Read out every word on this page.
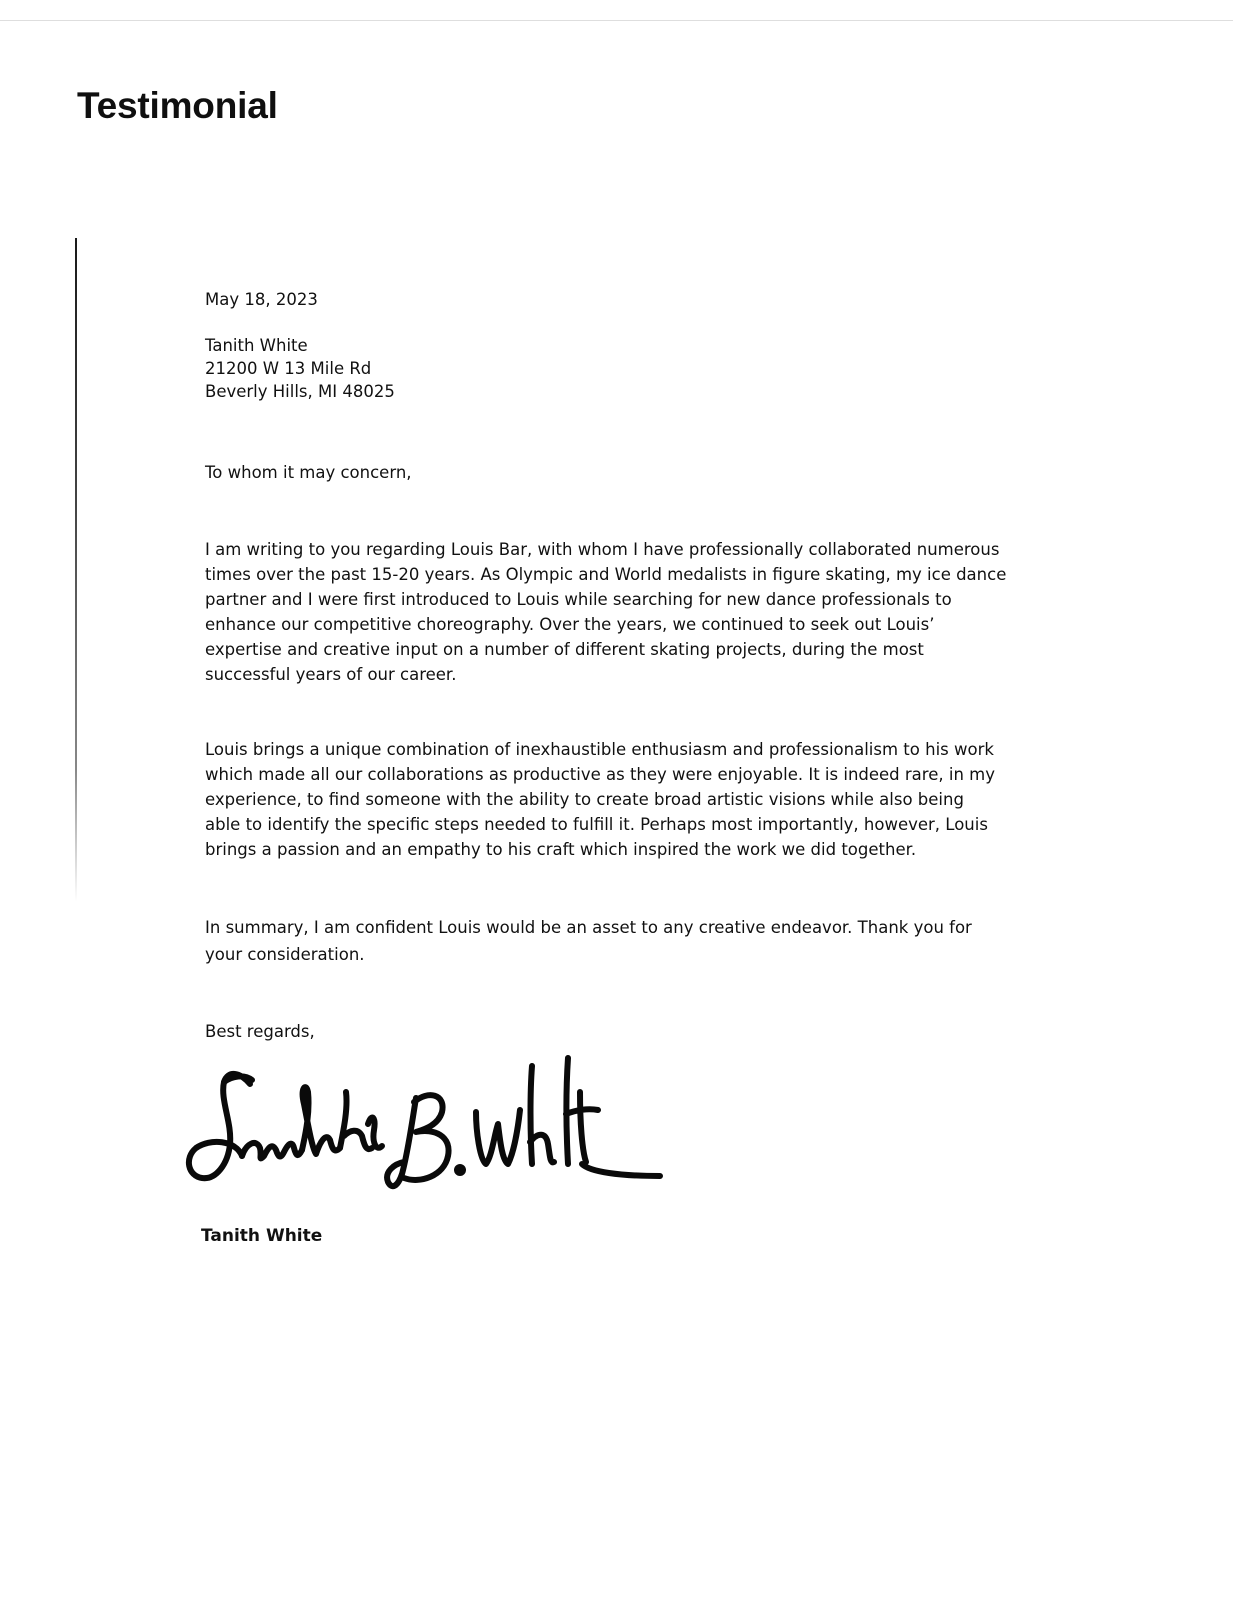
Testimonial
May 18, 2023
Tanith White
21200 W 13 Mile Rd
Beverly Hills, MI 48025
To whom it may concern,
I am writing to you regarding Louis Bar, with whom I have professionally collaborated numerous
times over the past 15-20 years. As Olympic and World medalists in figure skating, my ice dance
partner and I were first introduced to Louis while searching for new dance professionals to
enhance our competitive choreography. Over the years, we continued to seek out Louis’
expertise and creative input on a number of different skating projects, during the most
successful years of our career.
Louis brings a unique combination of inexhaustible enthusiasm and professionalism to his work
which made all our collaborations as productive as they were enjoyable. It is indeed rare, in my
experience, to find someone with the ability to create broad artistic visions while also being
able to identify the specific steps needed to fulfill it. Perhaps most importantly, however, Louis
brings a passion and an empathy to his craft which inspired the work we did together.
In summary, I am confident Louis would be an asset to any creative endeavor. Thank you for
your consideration.
Best regards,
Tanith White
